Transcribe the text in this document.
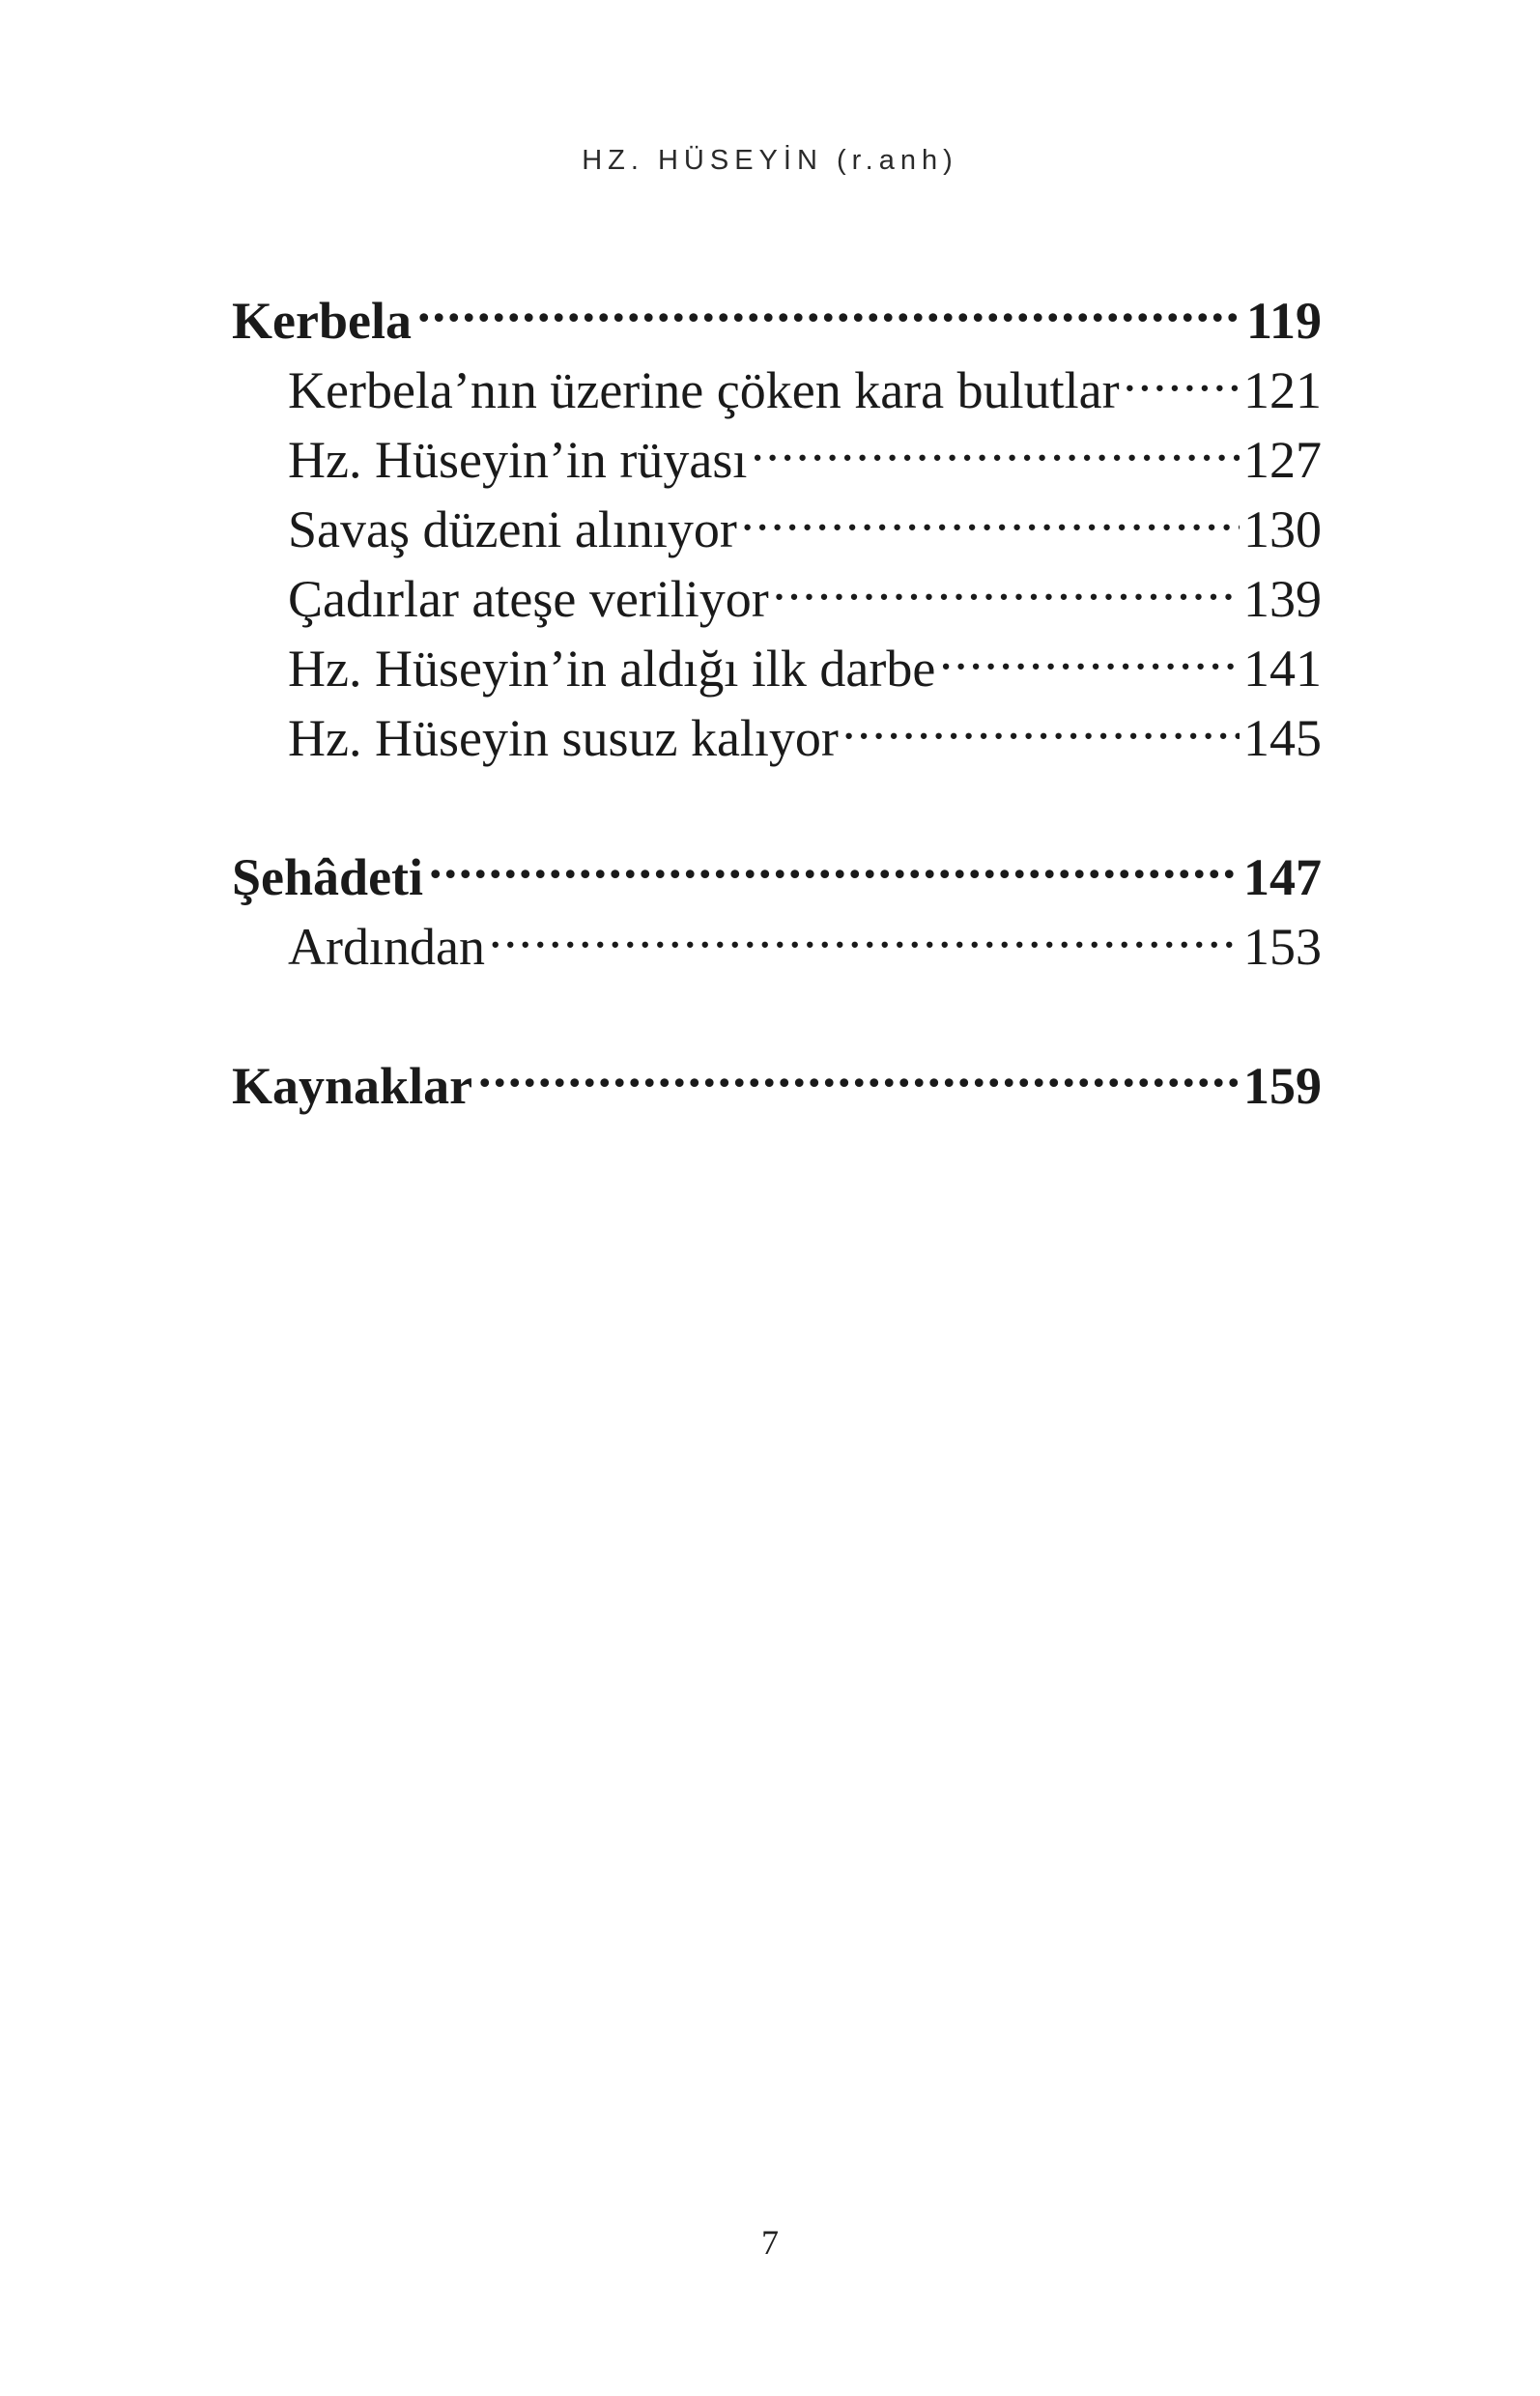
HZ. HÜSEYİN (r.anh)
Kerbela .....	119
Kerbela’nın üzerine çöken kara bulutlar ..... 121
Hz. Hüseyin’in rüyası .....	127
Savaş düzeni alınıyor .....	130
Çadırlar ateşe veriliyor .....	139
Hz. Hüseyin’in aldığı ilk darbe .....	141
Hz. Hüseyin susuz kalıyor .....	145
Şehâdeti .....	147
Ardından .....	153
Kaynaklar .....	159
7
